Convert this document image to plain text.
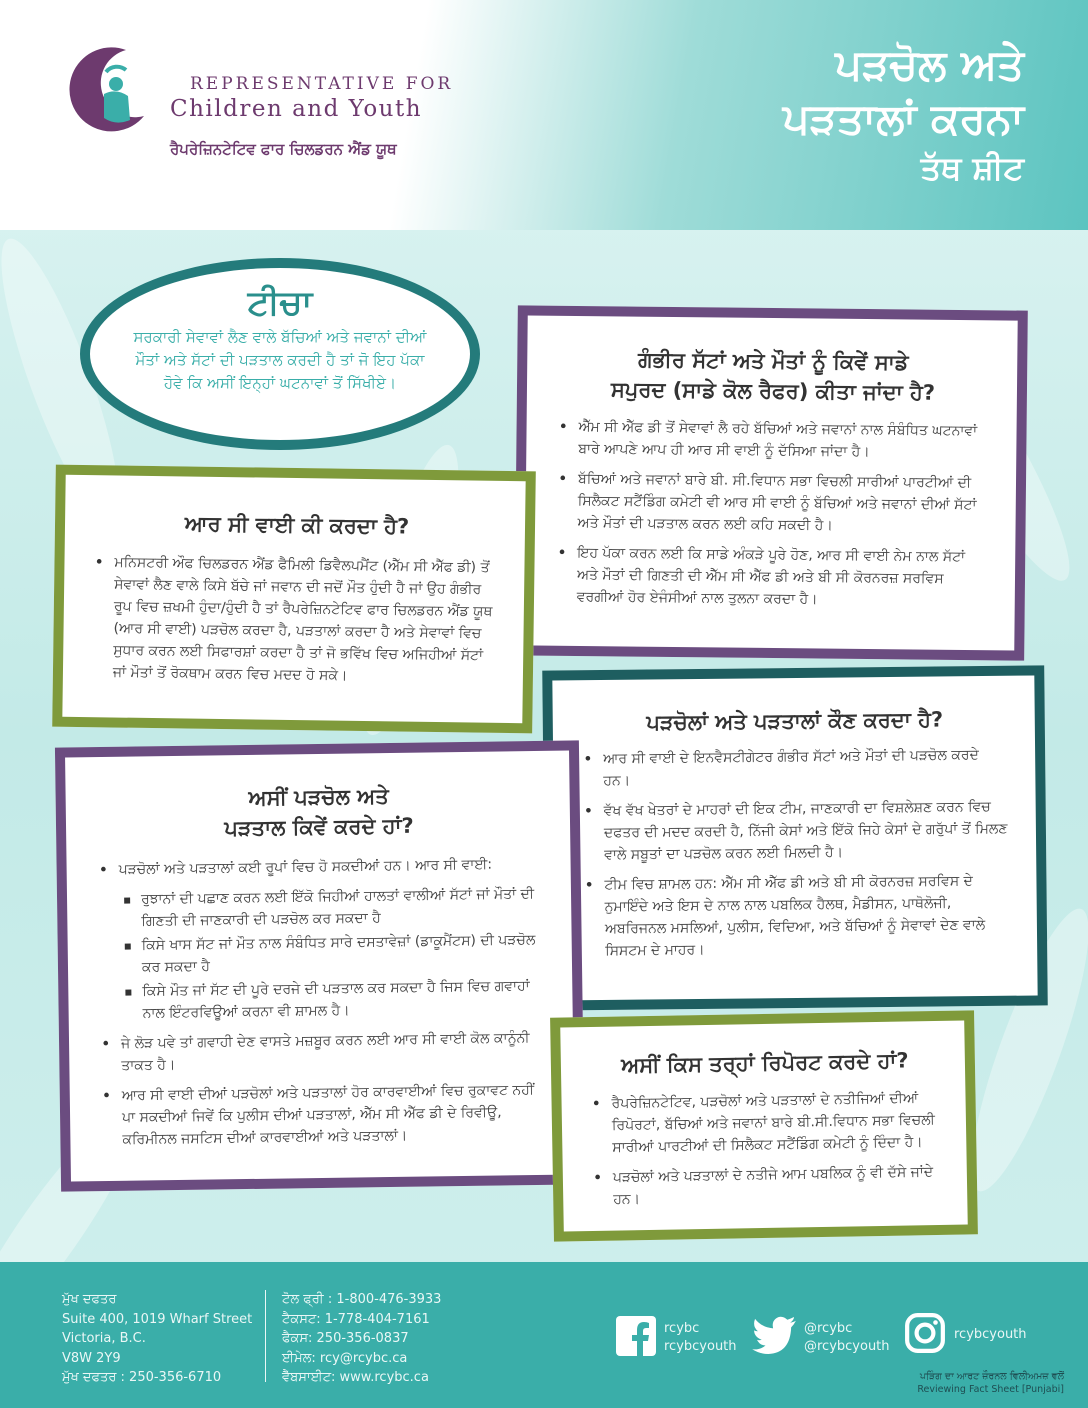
REPRESENTATIVE FOR
Children and Youth
ਰੈਪਰੇਜ਼ਿਨਟੇਟਿਵ ਫਾਰ ਚਿਲਡਰਨ ਐਂਡ ਯੂਥ
ਪੜਚੋਲ ਅਤੇ
ਪੜਤਾਲਾਂ ਕਰਨਾ
ਤੱਥ ਸ਼ੀਟ
ਟੀਚਾ

ਸਰਕਾਰੀ ਸੇਵਾਵਾਂ ਲੈਣ ਵਾਲੇ ਬੱਚਿਆਂ ਅਤੇ ਜਵਾਨਾਂ ਦੀਆਂ ਮੌਤਾਂ ਅਤੇ ਸੱਟਾਂ ਦੀ ਪੜਤਾਲ ਕਰਦੀ ਹੈ ਤਾਂ ਜੋ ਇਹ ਪੱਕਾ ਹੋਵੇ ਕਿ ਅਸੀਂ ਇਨ੍ਹਾਂ ਘਟਨਾਵਾਂ ਤੋਂ ਸਿੱਖੀਏ।

ਗੰਭੀਰ ਸੱਟਾਂ ਅਤੇ ਮੌਤਾਂ ਨੂੰ ਕਿਵੇਂ ਸਾਡੇ
ਸਪੁਰਦ (ਸਾਡੇ ਕੋਲ ਰੈਫਰ) ਕੀਤਾ ਜਾਂਦਾ ਹੈ?
• ਐੱਮ ਸੀ ਐੱਫ ਡੀ ਤੋਂ ਸੇਵਾਵਾਂ ਲੈ ਰਹੇ ਬੱਚਿਆਂ ਅਤੇ ਜਵਾਨਾਂ ਨਾਲ ਸੰਬੰਧਿਤ ਘਟਨਾਵਾਂ ਬਾਰੇ ਆਪਣੇ ਆਪ ਹੀ ਆਰ ਸੀ ਵਾਈ ਨੂੰ ਦੱਸਿਆ ਜਾਂਦਾ ਹੈ।
• ਬੱਚਿਆਂ ਅਤੇ ਜਵਾਨਾਂ ਬਾਰੇ ਬੀ. ਸੀ.ਵਿਧਾਨ ਸਭਾ ਵਿਚਲੀ ਸਾਰੀਆਂ ਪਾਰਟੀਆਂ ਦੀ ਸਿਲੈਕਟ ਸਟੈਂਡਿੰਗ ਕਮੇਟੀ ਵੀ ਆਰ ਸੀ ਵਾਈ ਨੂੰ ਬੱਚਿਆਂ ਅਤੇ ਜਵਾਨਾਂ ਦੀਆਂ ਸੱਟਾਂ ਅਤੇ ਮੌਤਾਂ ਦੀ ਪੜਤਾਲ ਕਰਨ ਲਈ ਕਹਿ ਸਕਦੀ ਹੈ।
• ਇਹ ਪੱਕਾ ਕਰਨ ਲਈ ਕਿ ਸਾਡੇ ਅੰਕੜੇ ਪੂਰੇ ਹੋਣ, ਆਰ ਸੀ ਵਾਈ ਨੇਮ ਨਾਲ ਸੱਟਾਂ ਅਤੇ ਮੌਤਾਂ ਦੀ ਗਿਣਤੀ ਦੀ ਐੱਮ ਸੀ ਐੱਫ ਡੀ ਅਤੇ ਬੀ ਸੀ ਕੋਰਨਰਜ਼ ਸਰਵਿਸ ਵਰਗੀਆਂ ਹੋਰ ਏਜੰਸੀਆਂ ਨਾਲ ਤੁਲਨਾ ਕਰਦਾ ਹੈ।
ਆਰ ਸੀ ਵਾਈ ਕੀ ਕਰਦਾ ਹੈ?
• ਮਨਿਸਟਰੀ ਔਫ ਚਿਲਡਰਨ ਐਂਡ ਫੈਮਿਲੀ ਡਿਵੈਲਪਮੈਂਟ (ਐੱਮ ਸੀ ਐੱਫ ਡੀ) ਤੋਂ ਸੇਵਾਵਾਂ ਲੈਣ ਵਾਲੇ ਕਿਸੇ ਬੱਚੇ ਜਾਂ ਜਵਾਨ ਦੀ ਜਦੋਂ ਮੌਤ ਹੁੰਦੀ ਹੈ ਜਾਂ ਉਹ ਗੰਭੀਰ ਰੂਪ ਵਿਚ ਜ਼ਖਮੀ ਹੁੰਦਾ/ਹੁੰਦੀ ਹੈ ਤਾਂ ਰੈਪਰੇਜ਼ਿਨਟੇਟਿਵ ਫਾਰ ਚਿਲਡਰਨ ਐਂਡ ਯੂਥ (ਆਰ ਸੀ ਵਾਈ) ਪੜਚੋਲ ਕਰਦਾ ਹੈ, ਪੜਤਾਲਾਂ ਕਰਦਾ ਹੈ ਅਤੇ ਸੇਵਾਵਾਂ ਵਿਚ ਸੁਧਾਰ ਕਰਨ ਲਈ ਸਿਫਾਰਸ਼ਾਂ ਕਰਦਾ ਹੈ ਤਾਂ ਜੋ ਭਵਿੱਖ ਵਿਚ ਅਜਿਹੀਆਂ ਸੱਟਾਂ ਜਾਂ ਮੌਤਾਂ ਤੋਂ ਰੋਕਥਾਮ ਕਰਨ ਵਿਚ ਮਦਦ ਹੋ ਸਕੇ।
ਪੜਚੋਲਾਂ ਅਤੇ ਪੜਤਾਲਾਂ ਕੌਣ ਕਰਦਾ ਹੈ?
• ਆਰ ਸੀ ਵਾਈ ਦੇ ਇਨਵੈਸਟੀਗੇਟਰ ਗੰਭੀਰ ਸੱਟਾਂ ਅਤੇ ਮੌਤਾਂ ਦੀ ਪੜਚੋਲ ਕਰਦੇ ਹਨ।
• ਵੱਖ ਵੱਖ ਖੇਤਰਾਂ ਦੇ ਮਾਹਰਾਂ ਦੀ ਇਕ ਟੀਮ, ਜਾਣਕਾਰੀ ਦਾ ਵਿਸ਼ਲੇਸ਼ਣ ਕਰਨ ਵਿਚ ਦਫਤਰ ਦੀ ਮਦਦ ਕਰਦੀ ਹੈ, ਨਿੱਜੀ ਕੇਸਾਂ ਅਤੇ ਇੱਕੋ ਜਿਹੇ ਕੇਸਾਂ ਦੇ ਗਰੁੱਪਾਂ ਤੋਂ ਮਿਲਣ ਵਾਲੇ ਸਬੂਤਾਂ ਦਾ ਪੜਚੋਲ ਕਰਨ ਲਈ ਮਿਲਦੀ ਹੈ।
• ਟੀਮ ਵਿਚ ਸ਼ਾਮਲ ਹਨ: ਐੱਮ ਸੀ ਐੱਫ ਡੀ ਅਤੇ ਬੀ ਸੀ ਕੋਰਨਰਜ਼ ਸਰਵਿਸ ਦੇ ਨੁਮਾਇੰਦੇ ਅਤੇ ਇਸ ਦੇ ਨਾਲ ਨਾਲ ਪਬਲਿਕ ਹੈਲਥ, ਮੈਡੀਸਨ, ਪਾਥੋਲੋਜੀ, ਅਬਰਿਜਨਲ ਮਸਲਿਆਂ, ਪੁਲੀਸ, ਵਿਦਿਆ, ਅਤੇ ਬੱਚਿਆਂ ਨੂੰ ਸੇਵਾਵਾਂ ਦੇਣ ਵਾਲੇ ਸਿਸਟਮ ਦੇ ਮਾਹਰ।
ਅਸੀਂ ਪੜਚੋਲ ਅਤੇ
ਪੜਤਾਲ ਕਿਵੇਂ ਕਰਦੇ ਹਾਂ?
• ਪੜਚੋਲਾਂ ਅਤੇ ਪੜਤਾਲਾਂ ਕਈ ਰੂਪਾਂ ਵਿਚ ਹੋ ਸਕਦੀਆਂ ਹਨ। ਆਰ ਸੀ ਵਾਈ:
▪ ਰੁਝਾਨਾਂ ਦੀ ਪਛਾਣ ਕਰਨ ਲਈ ਇੱਕੋ ਜਿਹੀਆਂ ਹਾਲਤਾਂ ਵਾਲੀਆਂ ਸੱਟਾਂ ਜਾਂ ਮੌਤਾਂ ਦੀ ਗਿਣਤੀ ਦੀ ਜਾਣਕਾਰੀ ਦੀ ਪੜਚੋਲ ਕਰ ਸਕਦਾ ਹੈ
▪ ਕਿਸੇ ਖਾਸ ਸੱਟ ਜਾਂ ਮੌਤ ਨਾਲ ਸੰਬੰਧਿਤ ਸਾਰੇ ਦਸਤਾਵੇਜ਼ਾਂ (ਡਾਕੂਮੈਂਟਸ) ਦੀ ਪੜਚੋਲ ਕਰ ਸਕਦਾ ਹੈ
▪ ਕਿਸੇ ਮੌਤ ਜਾਂ ਸੱਟ ਦੀ ਪੂਰੇ ਦਰਜੇ ਦੀ ਪੜਤਾਲ ਕਰ ਸਕਦਾ ਹੈ ਜਿਸ ਵਿਚ ਗਵਾਹਾਂ ਨਾਲ ਇੰਟਰਵਿਊਆਂ ਕਰਨਾ ਵੀ ਸ਼ਾਮਲ ਹੈ।
• ਜੇ ਲੋੜ ਪਵੇ ਤਾਂ ਗਵਾਹੀ ਦੇਣ ਵਾਸਤੇ ਮਜ਼ਬੂਰ ਕਰਨ ਲਈ ਆਰ ਸੀ ਵਾਈ ਕੋਲ ਕਾਨੂੰਨੀ ਤਾਕਤ ਹੈ।
• ਆਰ ਸੀ ਵਾਈ ਦੀਆਂ ਪੜਚੋਲਾਂ ਅਤੇ ਪੜਤਾਲਾਂ ਹੋਰ ਕਾਰਵਾਈਆਂ ਵਿਚ ਰੁਕਾਵਟ ਨਹੀਂ ਪਾ ਸਕਦੀਆਂ ਜਿਵੇਂ ਕਿ ਪੁਲੀਸ ਦੀਆਂ ਪੜਤਾਲਾਂ, ਐੱਮ ਸੀ ਐੱਫ ਡੀ ਦੇ ਰਿਵੀਊ, ਕਰਿਮੀਨਲ ਜਸਟਿਸ ਦੀਆਂ ਕਾਰਵਾਈਆਂ ਅਤੇ ਪੜਤਾਲਾਂ।
ਅਸੀਂ ਕਿਸ ਤਰ੍ਹਾਂ ਰਿਪੋਰਟ ਕਰਦੇ ਹਾਂ?
• ਰੈਪਰੇਜ਼ਿਨਟੇਟਿਵ, ਪੜਚੋਲਾਂ ਅਤੇ ਪੜਤਾਲਾਂ ਦੇ ਨਤੀਜਿਆਂ ਦੀਆਂ ਰਿਪੋਰਟਾਂ, ਬੱਚਿਆਂ ਅਤੇ ਜਵਾਨਾਂ ਬਾਰੇ ਬੀ.ਸੀ.ਵਿਧਾਨ ਸਭਾ ਵਿਚਲੀ ਸਾਰੀਆਂ ਪਾਰਟੀਆਂ ਦੀ ਸਿਲੈਕਟ ਸਟੈਂਡਿੰਗ ਕਮੇਟੀ ਨੂੰ ਦਿੰਦਾ ਹੈ।
• ਪੜਚੋਲਾਂ ਅਤੇ ਪੜਤਾਲਾਂ ਦੇ ਨਤੀਜੇ ਆਮ ਪਬਲਿਕ ਨੂੰ ਵੀ ਦੱਸੇ ਜਾਂਦੇ ਹਨ।
ਮੁੱਖ ਦਫਤਰ
Suite 400, 1019 Wharf Street
Victoria, B.C.
V8W 2Y9
ਮੁੱਖ ਦਫਤਰ : 250-356-6710
ਟੋਲ ਫ੍ਰੀ : 1-800-476-3933
ਟੈਕਸਟ: 1-778-404-7161
ਫੈਕਸ: 250-356-0837
ਈਮੇਲ: rcy@rcybc.ca
ਵੈੱਬਸਾਈਟ: www.rcybc.ca
rcybc
rcybcyouth
@rcybc
@rcybcyouth
rcybcyouth
ਪੜਿੰਗ ਦਾ ਆਰਟ ਜ਼ੌਰਨਲ ਵਿਲੀਅਮਜ਼ ਵਲੋਂ
Reviewing Fact Sheet [Punjabi]
